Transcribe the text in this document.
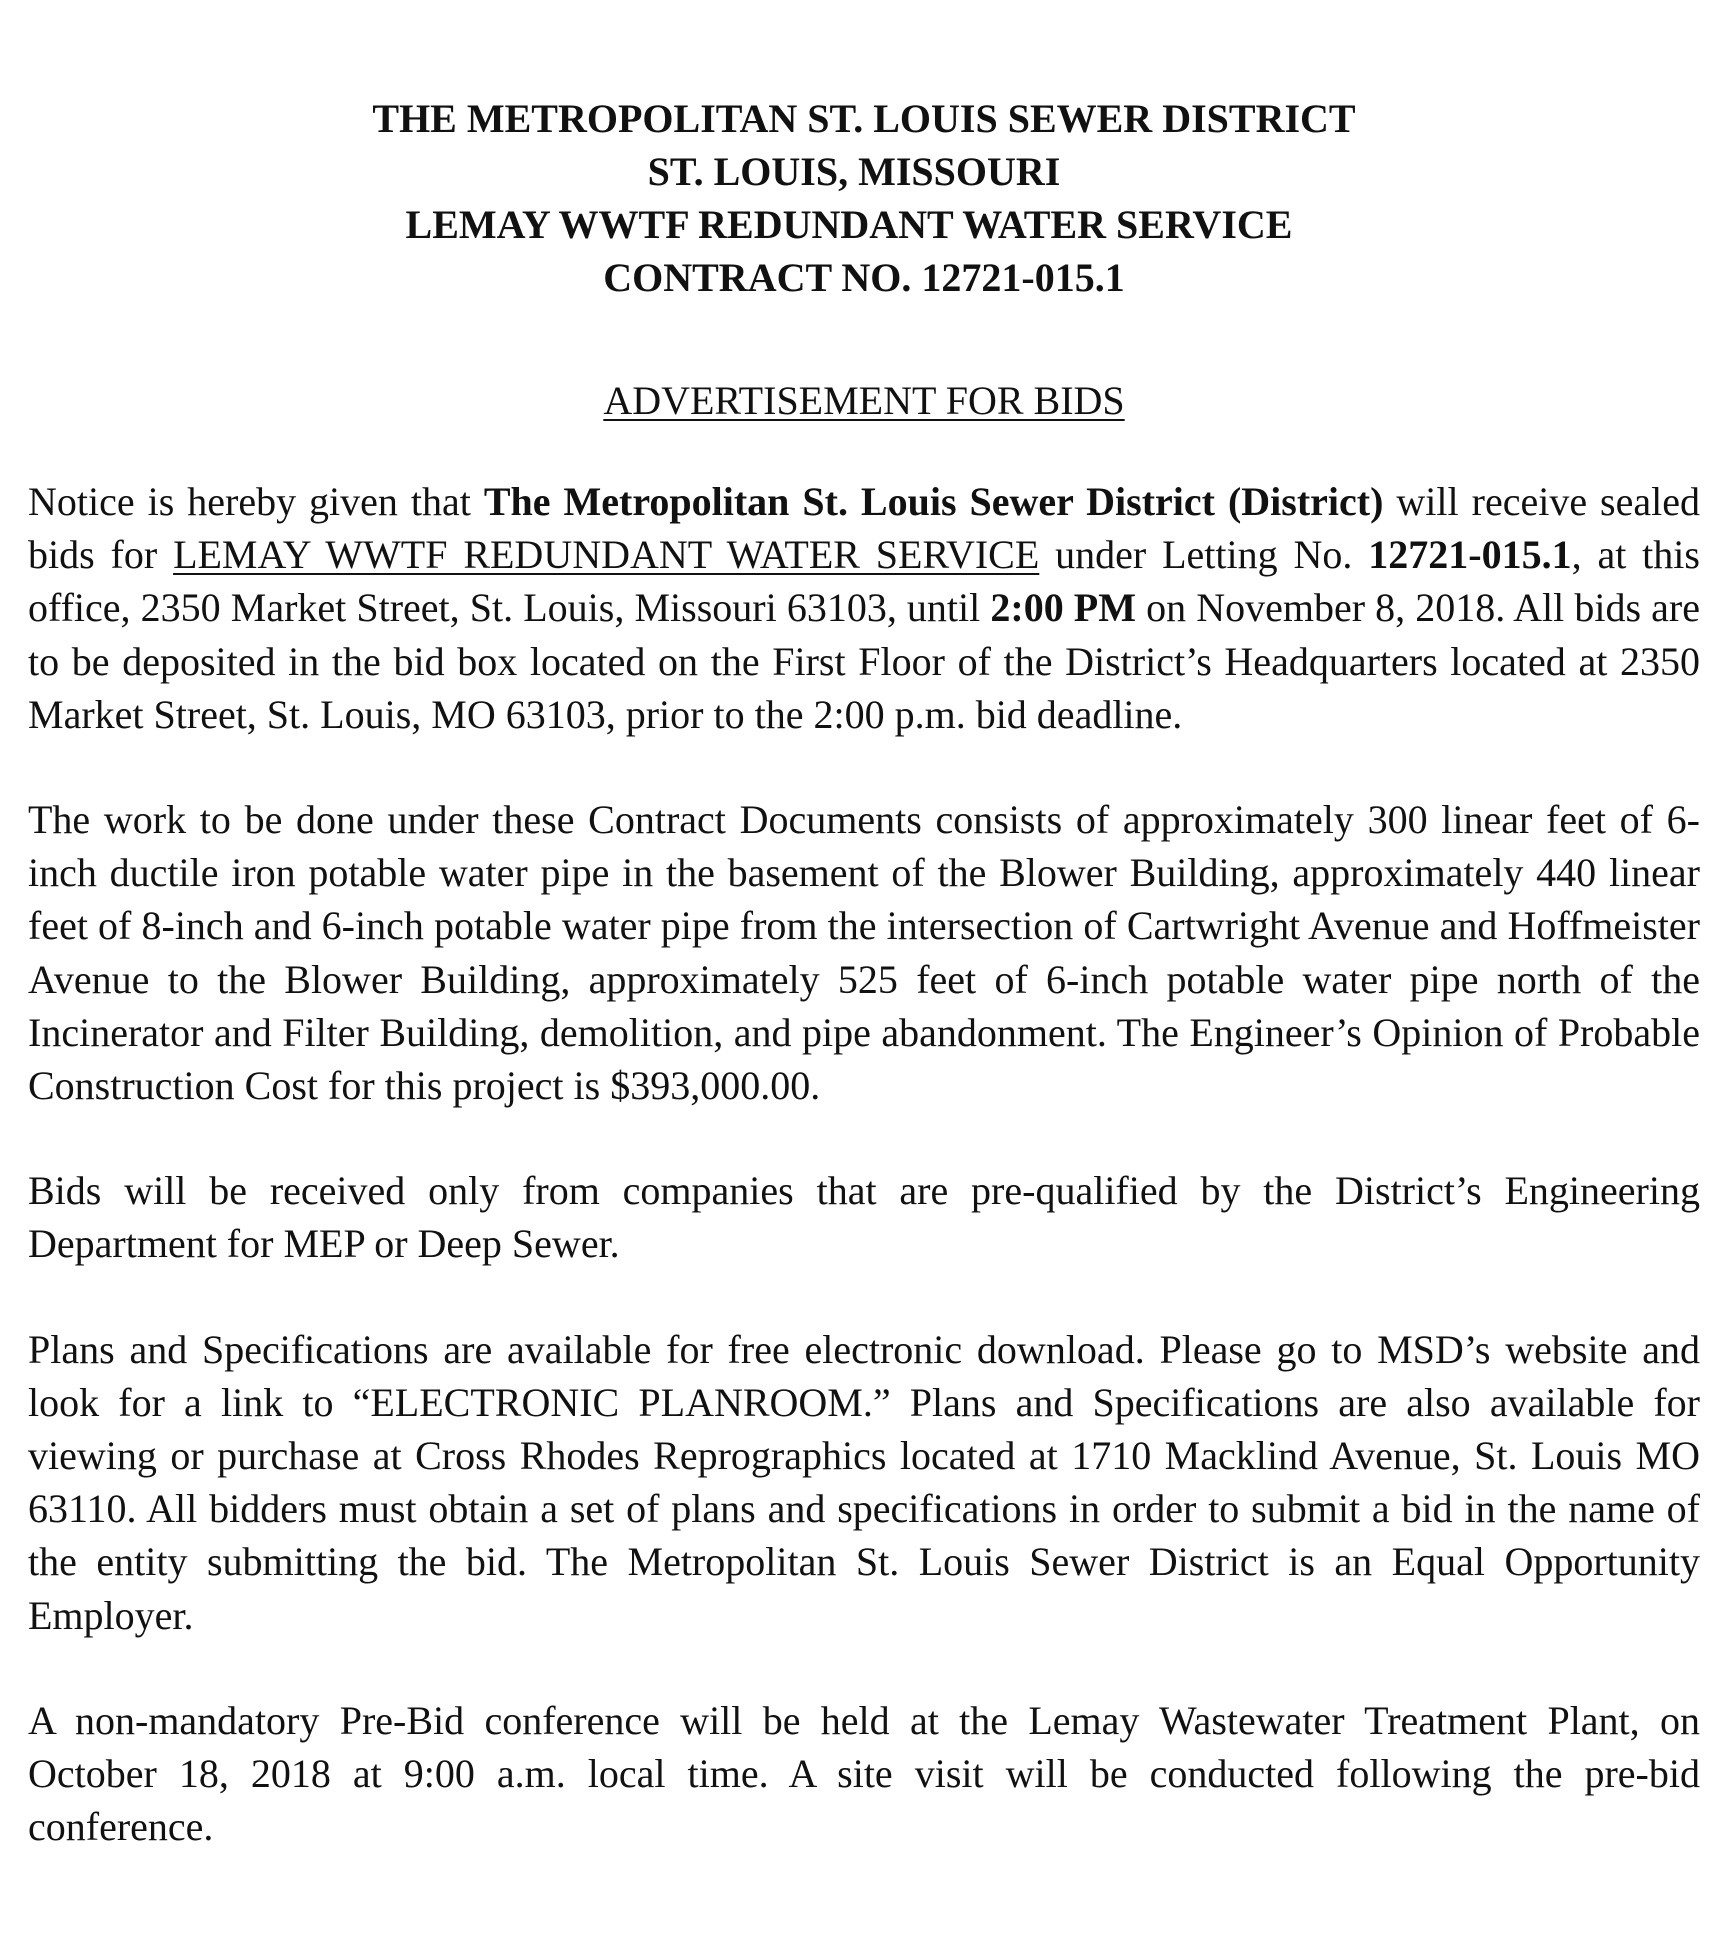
THE METROPOLITAN ST. LOUIS SEWER DISTRICT
ST. LOUIS, MISSOURI
LEMAY WWTF REDUNDANT WATER SERVICE
CONTRACT NO. 12721-015.1
ADVERTISEMENT FOR BIDS

Notice is hereby given that The Metropolitan St. Louis Sewer District (District) will receive sealed bids for LEMAY WWTF REDUNDANT WATER SERVICE under Letting No. 12721-015.1, at this office, 2350 Market Street, St. Louis, Missouri 63103, until 2:00 PM on November 8, 2018. All bids are to be deposited in the bid box located on the First Floor of the District’s Headquarters located at 2350 Market Street, St. Louis, MO 63103, prior to the 2:00 p.m. bid deadline.

The work to be done under these Contract Documents consists of approximately 300 linear feet of 6-inch ductile iron potable water pipe in the basement of the Blower Building, approximately 440 linear feet of 8-inch and 6-inch potable water pipe from the intersection of Cartwright Avenue and Hoffmeister Avenue to the Blower Building, approximately 525 feet of 6-inch potable water pipe north of the Incinerator and Filter Building, demolition, and pipe abandonment. The Engineer’s Opinion of Probable Construction Cost for this project is $393,000.00.

Bids will be received only from companies that are pre-qualified by the District’s Engineering Department for MEP or Deep Sewer.

Plans and Specifications are available for free electronic download. Please go to MSD’s website and look for a link to “ELECTRONIC PLANROOM.” Plans and Specifications are also available for viewing or purchase at Cross Rhodes Reprographics located at 1710 Macklind Avenue, St. Louis MO 63110. All bidders must obtain a set of plans and specifications in order to submit a bid in the name of the entity submitting the bid. The Metropolitan St. Louis Sewer District is an Equal Opportunity Employer.

A non-mandatory Pre-Bid conference will be held at the Lemay Wastewater Treatment Plant, on October 18, 2018 at 9:00 a.m. local time. A site visit will be conducted following the pre-bid conference.
